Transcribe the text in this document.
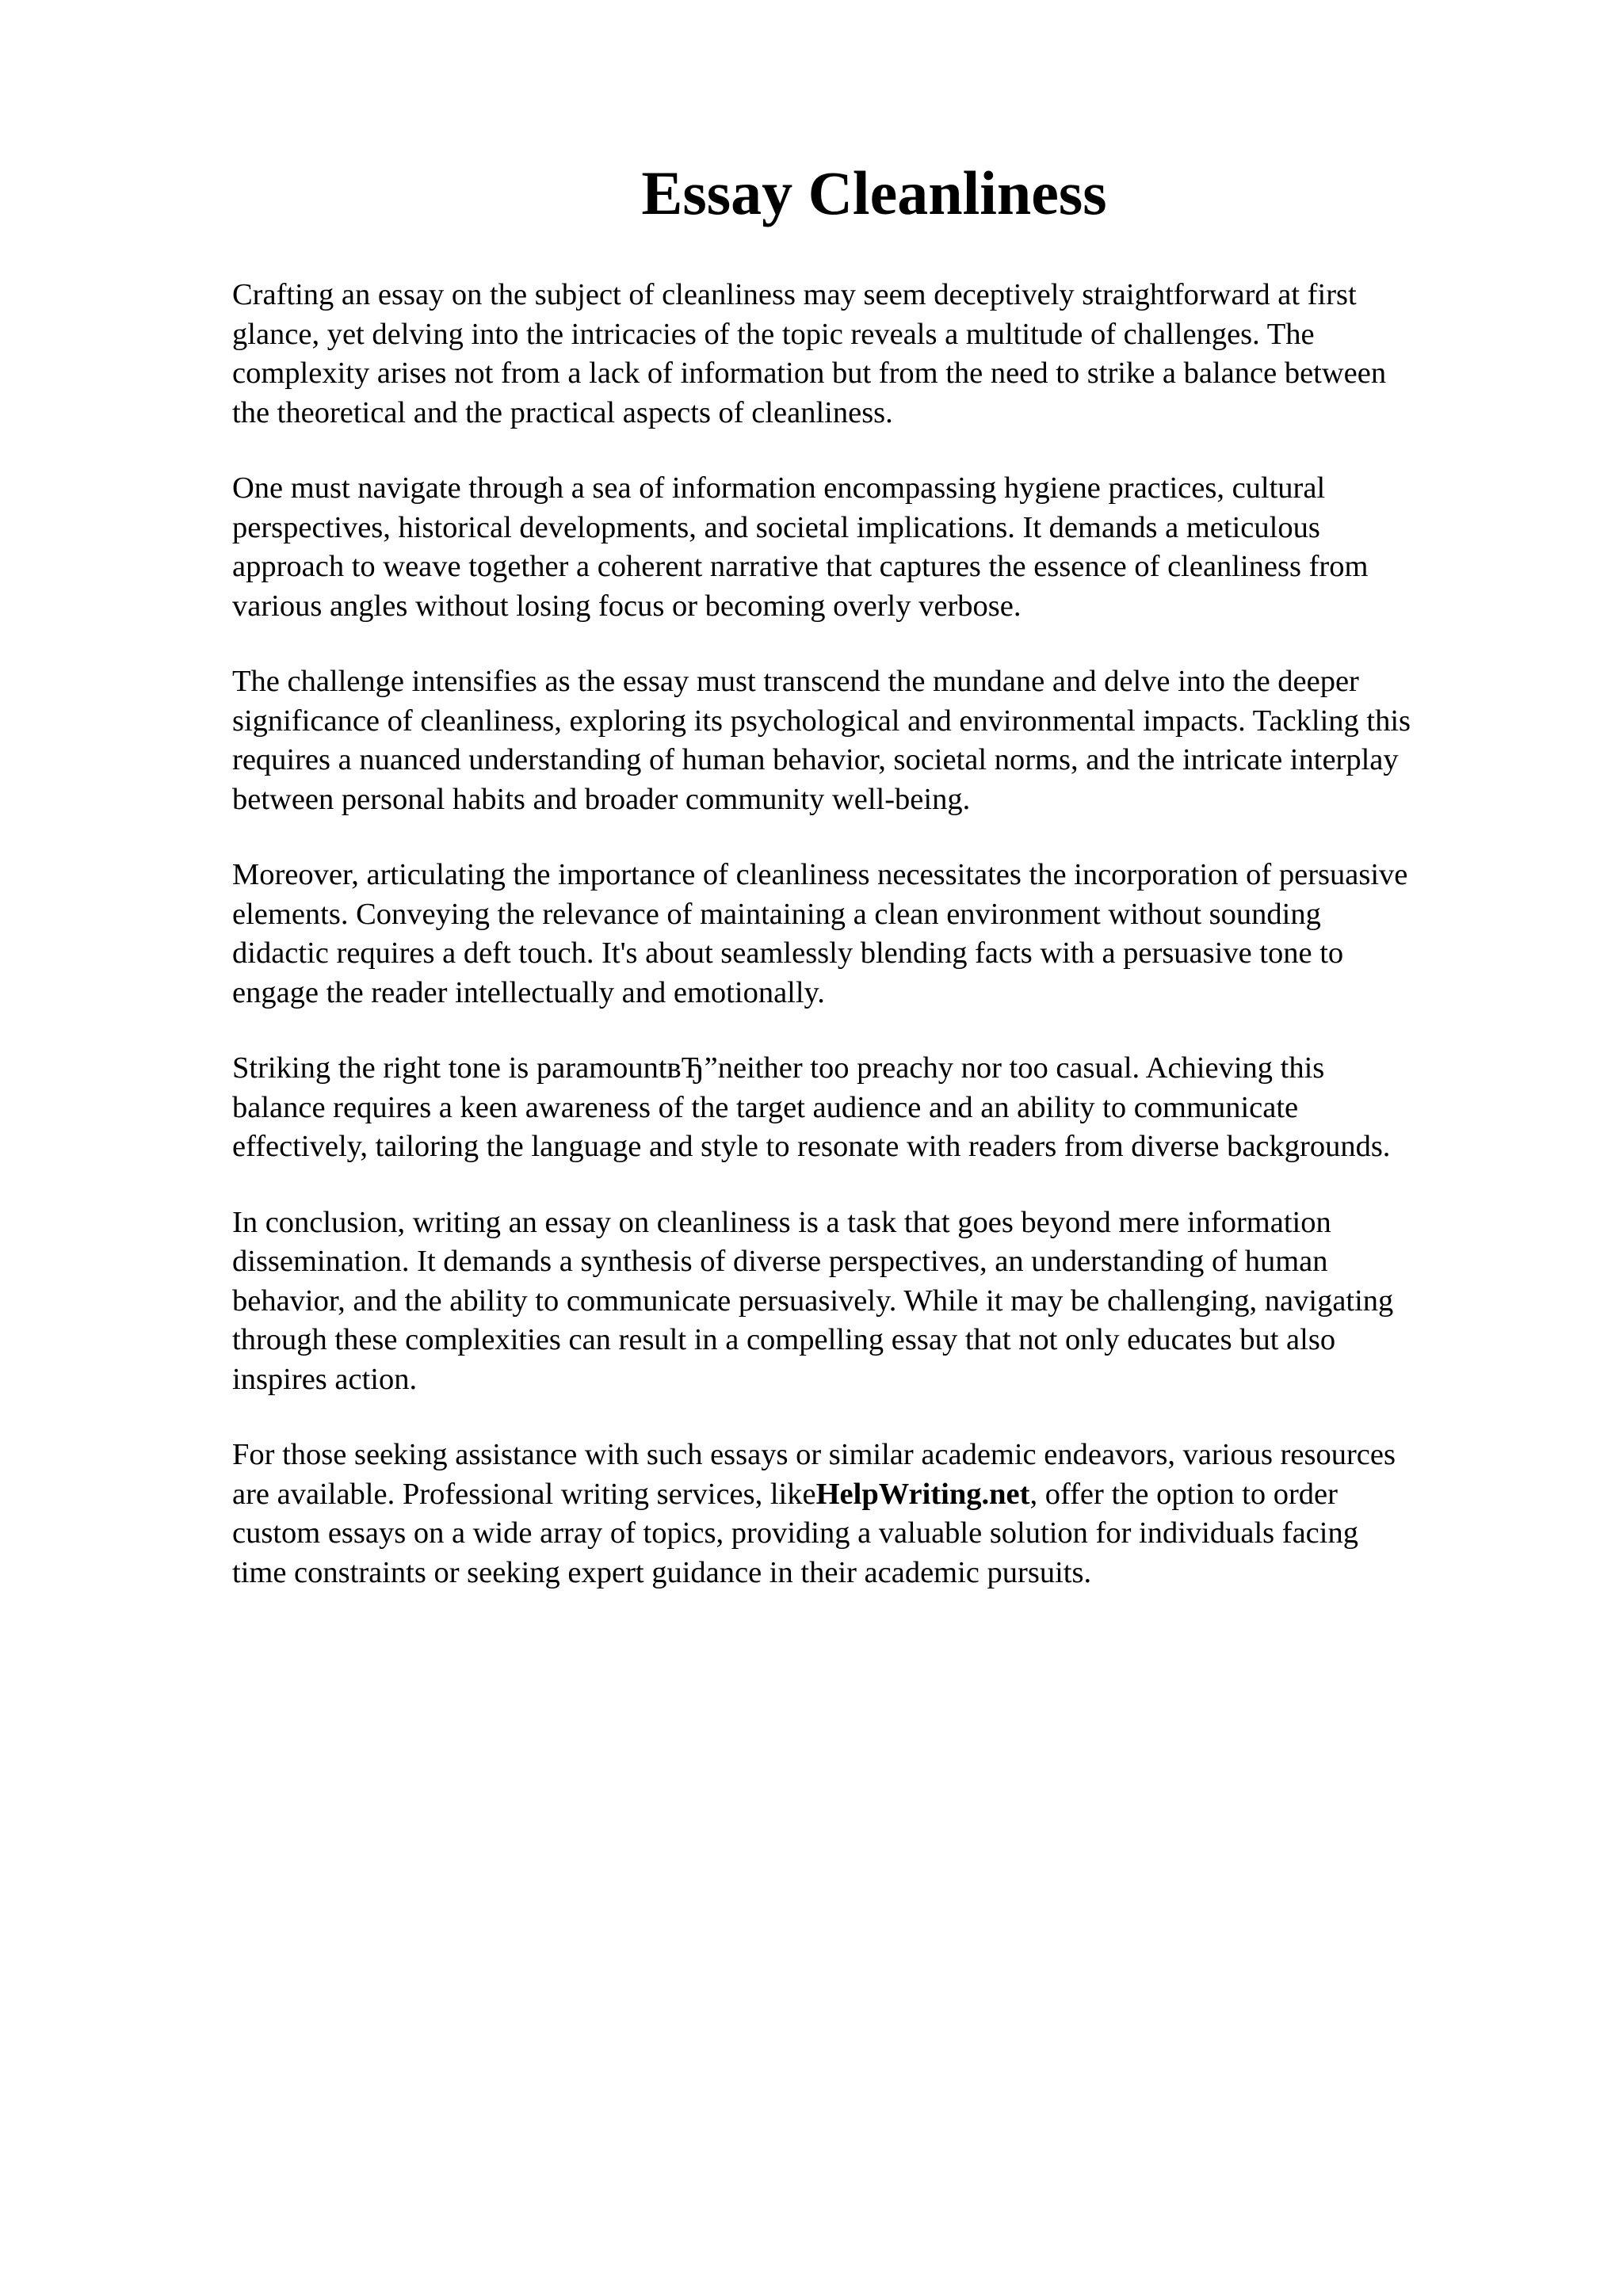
Essay Cleanliness

Crafting an essay on the subject of cleanliness may seem deceptively straightforward at first
glance, yet delving into the intricacies of the topic reveals a multitude of challenges. The
complexity arises not from a lack of information but from the need to strike a balance between
the theoretical and the practical aspects of cleanliness.

One must navigate through a sea of information encompassing hygiene practices, cultural
perspectives, historical developments, and societal implications. It demands a meticulous
approach to weave together a coherent narrative that captures the essence of cleanliness from
various angles without losing focus or becoming overly verbose.

The challenge intensifies as the essay must transcend the mundane and delve into the deeper
significance of cleanliness, exploring its psychological and environmental impacts. Tackling this
requires a nuanced understanding of human behavior, societal norms, and the intricate interplay
between personal habits and broader community well-being.

Moreover, articulating the importance of cleanliness necessitates the incorporation of persuasive
elements. Conveying the relevance of maintaining a clean environment without sounding
didactic requires a deft touch. It's about seamlessly blending facts with a persuasive tone to
engage the reader intellectually and emotionally.

Striking the right tone is paramountвЂ”neither too preachy nor too casual. Achieving this
balance requires a keen awareness of the target audience and an ability to communicate
effectively, tailoring the language and style to resonate with readers from diverse backgrounds.

In conclusion, writing an essay on cleanliness is a task that goes beyond mere information
dissemination. It demands a synthesis of diverse perspectives, an understanding of human
behavior, and the ability to communicate persuasively. While it may be challenging, navigating
through these complexities can result in a compelling essay that not only educates but also
inspires action.

For those seeking assistance with such essays or similar academic endeavors, various resources
are available. Professional writing services, likeHelpWriting.net, offer the option to order
custom essays on a wide array of topics, providing a valuable solution for individuals facing
time constraints or seeking expert guidance in their academic pursuits.
